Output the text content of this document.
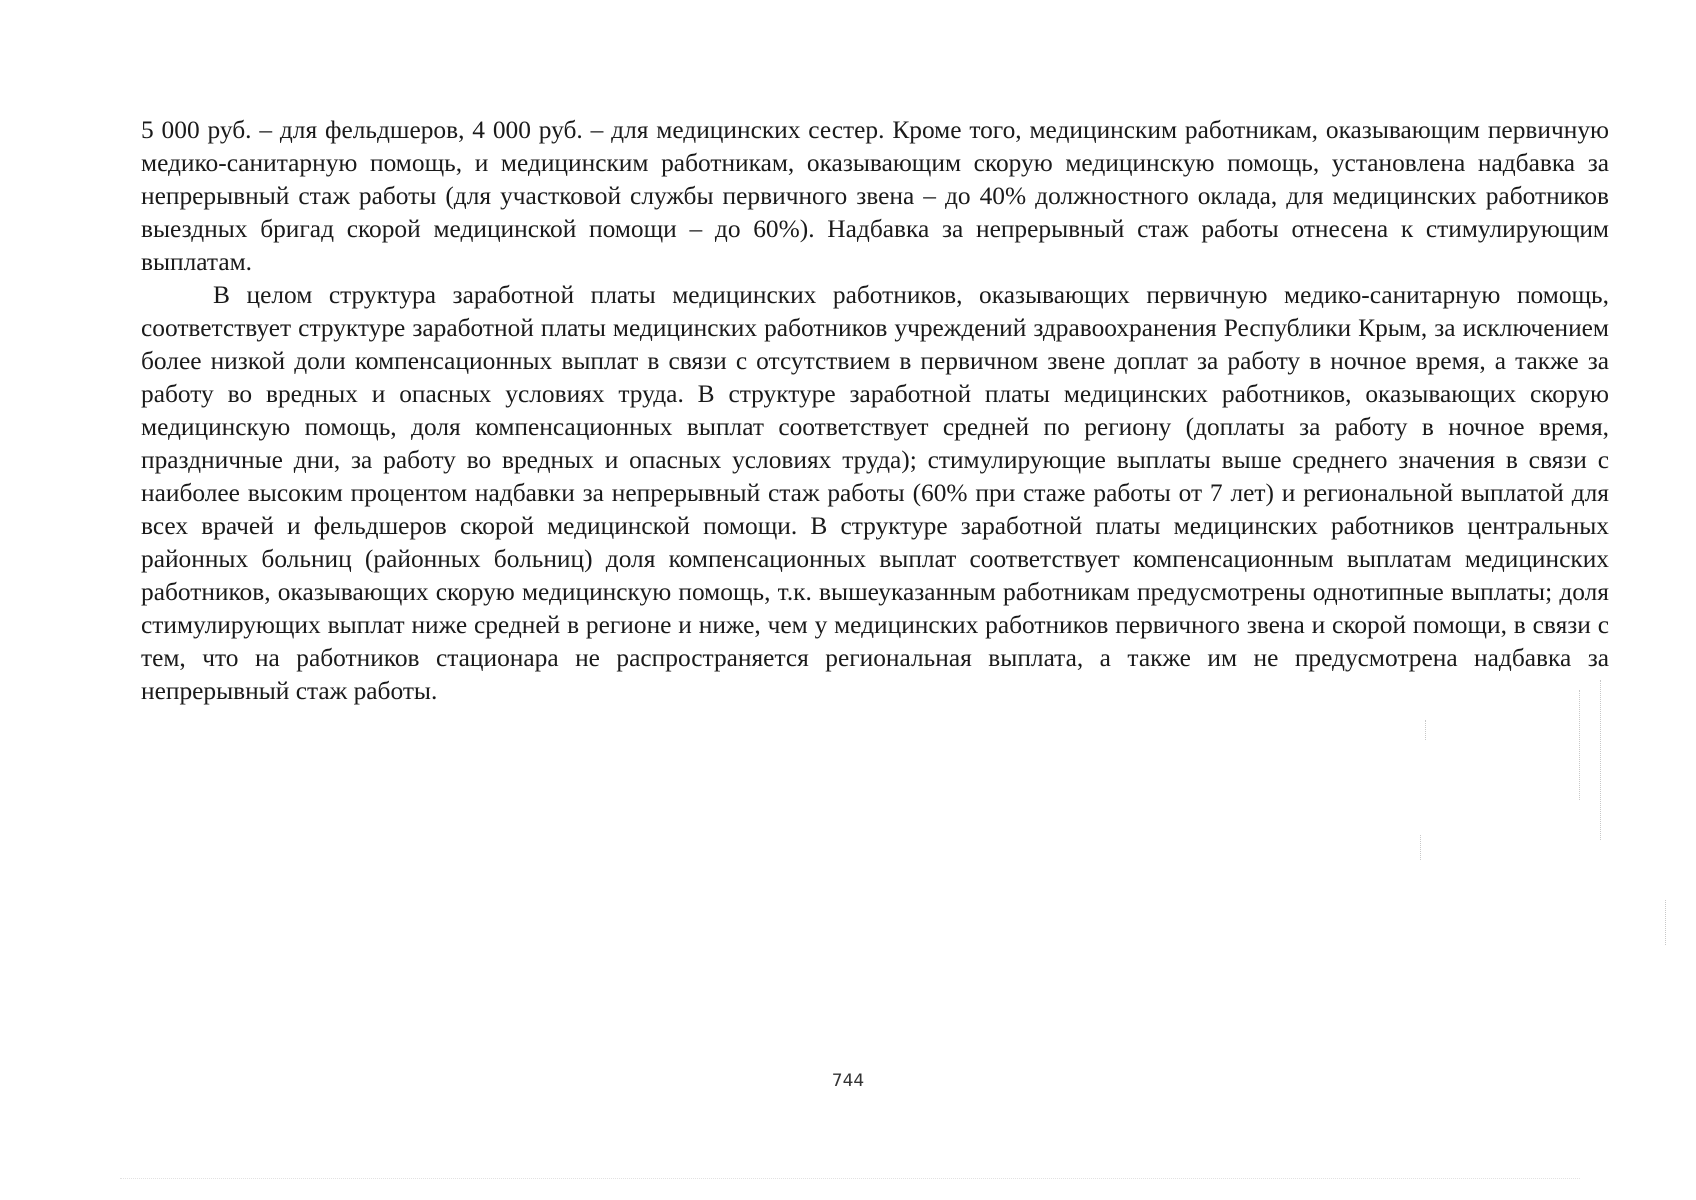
5 000 руб. – для фельдшеров, 4 000 руб. – для медицинских сестер. Кроме того, медицинским работникам, оказывающим первичную медико-санитарную помощь, и медицинским работникам, оказывающим скорую медицинскую помощь, установлена надбавка за непрерывный стаж работы (для участковой службы первичного звена – до 40% должностного оклада, для медицинских работников выездных бригад скорой медицинской помощи – до 60%). Надбавка за непрерывный стаж работы отнесена к стимулирующим выплатам.

В целом структура заработной платы медицинских работников, оказывающих первичную медико-санитарную помощь, соответствует структуре заработной платы медицинских работников учреждений здравоохранения Республики Крым, за исключением более низкой доли компенсационных выплат в связи с отсутствием в первичном звене доплат за работу в ночное время, а также за работу во вредных и опасных условиях труда. В структуре заработной платы медицинских работников, оказывающих скорую медицинскую помощь, доля компенсационных выплат соответствует средней по региону (доплаты за работу в ночное время, праздничные дни, за работу во вредных и опасных условиях труда); стимулирующие выплаты выше среднего значения в связи с наиболее высоким процентом надбавки за непрерывный стаж работы (60% при стаже работы от 7 лет) и региональной выплатой для всех врачей и фельдшеров скорой медицинской помощи. В структуре заработной платы медицинских работников центральных районных больниц (районных больниц) доля компенсационных выплат соответствует компенсационным выплатам медицинских работников, оказывающих скорую медицинскую помощь, т.к. вышеуказанным работникам предусмотрены однотипные выплаты; доля стимулирующих выплат ниже средней в регионе и ниже, чем у медицинских работников первичного звена и скорой помощи, в связи с тем, что на работников стационара не распространяется региональная выплата, а также им не предусмотрена надбавка за непрерывный стаж работы.

744
